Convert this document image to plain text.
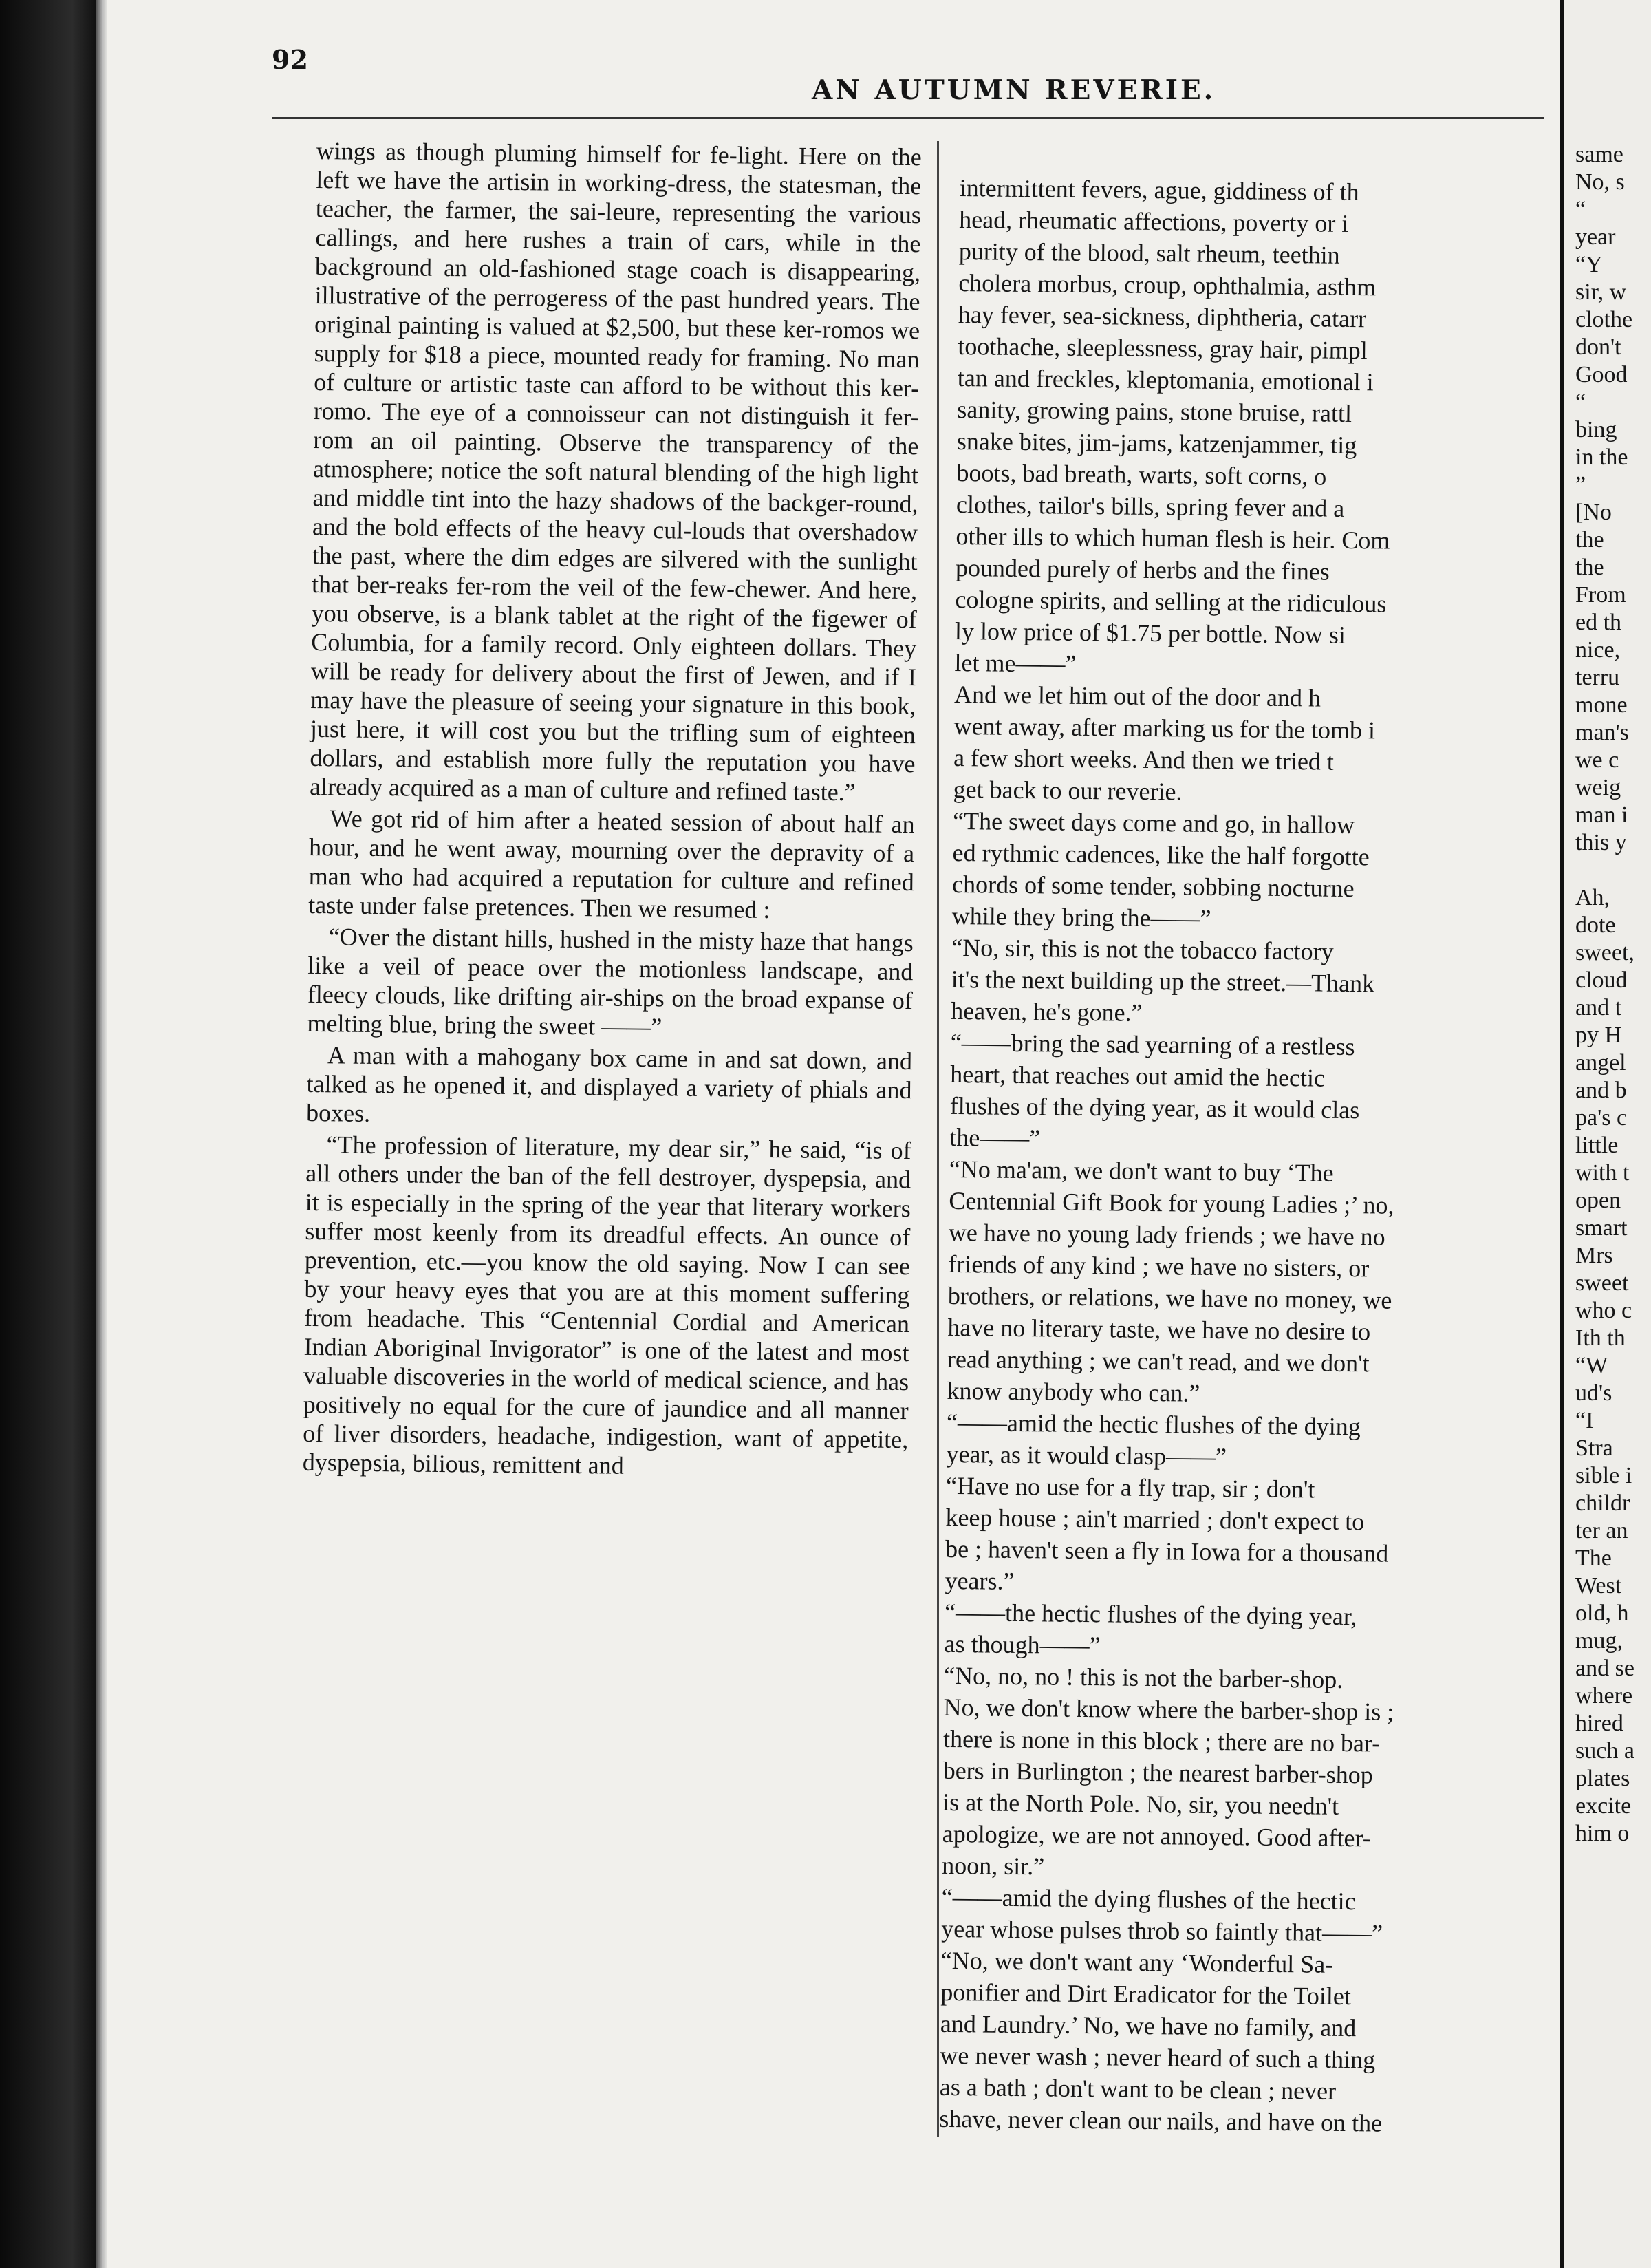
92
AN AUTUMN REVERIE.

wings as though pluming himself for fe-light. Here on the left we have the artisin in working-dress, the statesman, the teacher, the farmer, the sai-leure, representing the various callings, and here rushes a train of cars, while in the background an old-fashioned stage coach is disappearing, illustrative of the perrogeress of the past hundred years. The original painting is valued at $2,500, but these ker-romos we supply for $18 a piece, mounted ready for framing. No man of culture or artistic taste can afford to be without this ker-romo. The eye of a connoisseur can not distinguish it fer-rom an oil painting. Observe the transparency of the atmosphere; notice the soft natural blending of the high light and middle tint into the hazy shadows of the backger-round, and the bold effects of the heavy cul-louds that overshadow the past, where the dim edges are silvered with the sunlight that ber-reaks fer-rom the veil of the few-chewer. And here, you observe, is a blank tablet at the right of the figewer of Columbia, for a family record. Only eighteen dollars. They will be ready for delivery about the first of Jewen, and if I may have the pleasure of seeing your signature in this book, just here, it will cost you but the trifling sum of eighteen dollars, and establish more fully the reputation you have already acquired as a man of culture and refined taste.”

We got rid of him after a heated session of about half an hour, and he went away, mourning over the depravity of a man who had acquired a reputation for culture and refined taste under false pretences. Then we resumed :

“Over the distant hills, hushed in the misty haze that hangs like a veil of peace over the motionless landscape, and fleecy clouds, like drifting air-ships on the broad expanse of melting blue, bring the sweet ——”

A man with a mahogany box came in and sat down, and talked as he opened it, and displayed a variety of phials and boxes.

“The profession of literature, my dear sir,” he said, “is of all others under the ban of the fell destroyer, dyspepsia, and it is especially in the spring of the year that literary workers suffer most keenly from its dreadful effects. An ounce of prevention, etc.—you know the old saying. Now I can see by your heavy eyes that you are at this moment suffering from headache. This “Centennial Cordial and American Indian Aboriginal Invigorator” is one of the latest and most valuable discoveries in the world of medical science, and has positively no equal for the cure of jaundice and all manner of liver disorders, headache, indigestion, want of appetite, dyspepsia, bilious, remittent and

intermittent fevers, ague, giddiness of th

head, rheumatic affections, poverty or i

purity of the blood, salt rheum, teethin

cholera morbus, croup, ophthalmia, asthm

hay fever, sea-sickness, diphtheria, catarr

toothache, sleeplessness, gray hair, pimpl

tan and freckles, kleptomania, emotional i

sanity, growing pains, stone bruise, rattl

snake bites, jim-jams, katzenjammer, tig

boots, bad breath, warts, soft corns, o

clothes, tailor's bills, spring fever and a

other ills to which human flesh is heir. Com

pounded purely of herbs and the fines

cologne spirits, and selling at the ridiculous

ly low price of $1.75 per bottle. Now si

let me——”

And we let him out of the door and h

went away, after marking us for the tomb i

a few short weeks. And then we tried t

get back to our reverie.

“The sweet days come and go, in hallow

ed rythmic cadences, like the half forgotte

chords of some tender, sobbing nocturne

while they bring the——”

“No, sir, this is not the tobacco factory

it's the next building up the street.—Thank

heaven, he's gone.”

“——bring the sad yearning of a restless

heart, that reaches out amid the hectic

flushes of the dying year, as it would clas

the——”

“No ma'am, we don't want to buy ‘The

Centennial Gift Book for young Ladies ;’ no,

we have no young lady friends ; we have no

friends of any kind ; we have no sisters, or

brothers, or relations, we have no money, we

have no literary taste, we have no desire to

read anything ; we can't read, and we don't

know anybody who can.”

“——amid the hectic flushes of the dying

year, as it would clasp——”

“Have no use for a fly trap, sir ; don't

keep house ; ain't married ; don't expect to

be ; haven't seen a fly in Iowa for a thousand

years.”

“——the hectic flushes of the dying year,

as though——”

“No, no, no ! this is not the barber-shop.

No, we don't know where the barber-shop is ;

there is none in this block ; there are no bar-

bers in Burlington ; the nearest barber-shop

is at the North Pole. No, sir, you needn't

apologize, we are not annoyed. Good after-

noon, sir.”

“——amid the dying flushes of the hectic

year whose pulses throb so faintly that——”

“No, we don't want any ‘Wonderful Sa-

ponifier and Dirt Eradicator for the Toilet

and Laundry.’ No, we have no family, and

we never wash ; never heard of such a thing

as a bath ; don't want to be clean ; never

shave, never clean our nails, and have on the

same
No, s
“
year
“Y
sir, w
clothe
don't
Good
“
bing
in the
”
[No
the
the
From
ed th
nice,
terru
mone
man's
we c
weig
man i
this y
Ah,
dote
sweet,
cloud
and t
py H
angel
and b
pa's c
little
with t
open
smart
Mrs
sweet
who c
Ith th
“W
ud's
“I
Stra
sible i
childr
ter an
The
West
old, h
mug,
and se
where
hired
such a
plates
excite
him o
